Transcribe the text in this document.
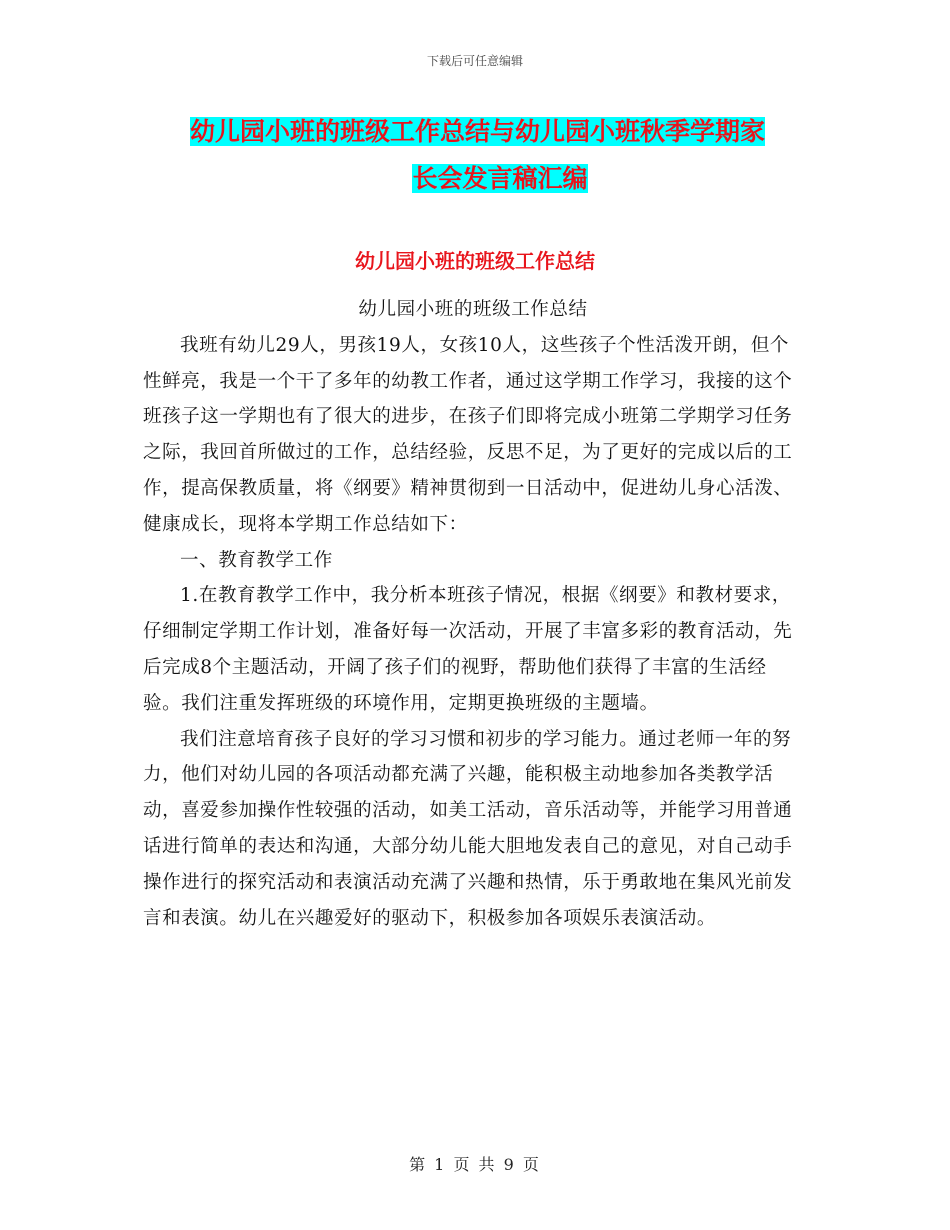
下载后可任意编辑
幼儿园小班的班级工作总结与幼儿园小班秋季学期家
长会发言稿汇编
幼儿园小班的班级工作总结

幼儿园小班的班级工作总结

我班有幼儿29人，男孩19人，女孩10人，这些孩子个性活泼开朗，但个性鲜亮，我是一个干了多年的幼教工作者，通过这学期工作学习，我接的这个班孩子这一学期也有了很大的进步，在孩子们即将完成小班第二学期学习任务之际，我回首所做过的工作，总结经验，反思不足，为了更好的完成以后的工作，提高保教质量，将《纲要》精神贯彻到一日活动中，促进幼儿身心活泼、健康成长，现将本学期工作总结如下：

一、教育教学工作

1.在教育教学工作中，我分析本班孩子情况，根据《纲要》和教材要求，仔细制定学期工作计划，准备好每一次活动，开展了丰富多彩的教育活动，先后完成8个主题活动，开阔了孩子们的视野，帮助他们获得了丰富的生活经验。我们注重发挥班级的环境作用，定期更换班级的主题墙。

我们注意培育孩子良好的学习习惯和初步的学习能力。通过老师一年的努力，他们对幼儿园的各项活动都充满了兴趣，能积极主动地参加各类教学活动，喜爱参加操作性较强的活动，如美工活动，音乐活动等，并能学习用普通话进行简单的表达和沟通，大部分幼儿能大胆地发表自己的意见，对自己动手操作进行的探究活动和表演活动充满了兴趣和热情，乐于勇敢地在集风光前发言和表演。幼儿在兴趣爱好的驱动下，积极参加各项娱乐表演活动。

第 1 页 共 9 页
